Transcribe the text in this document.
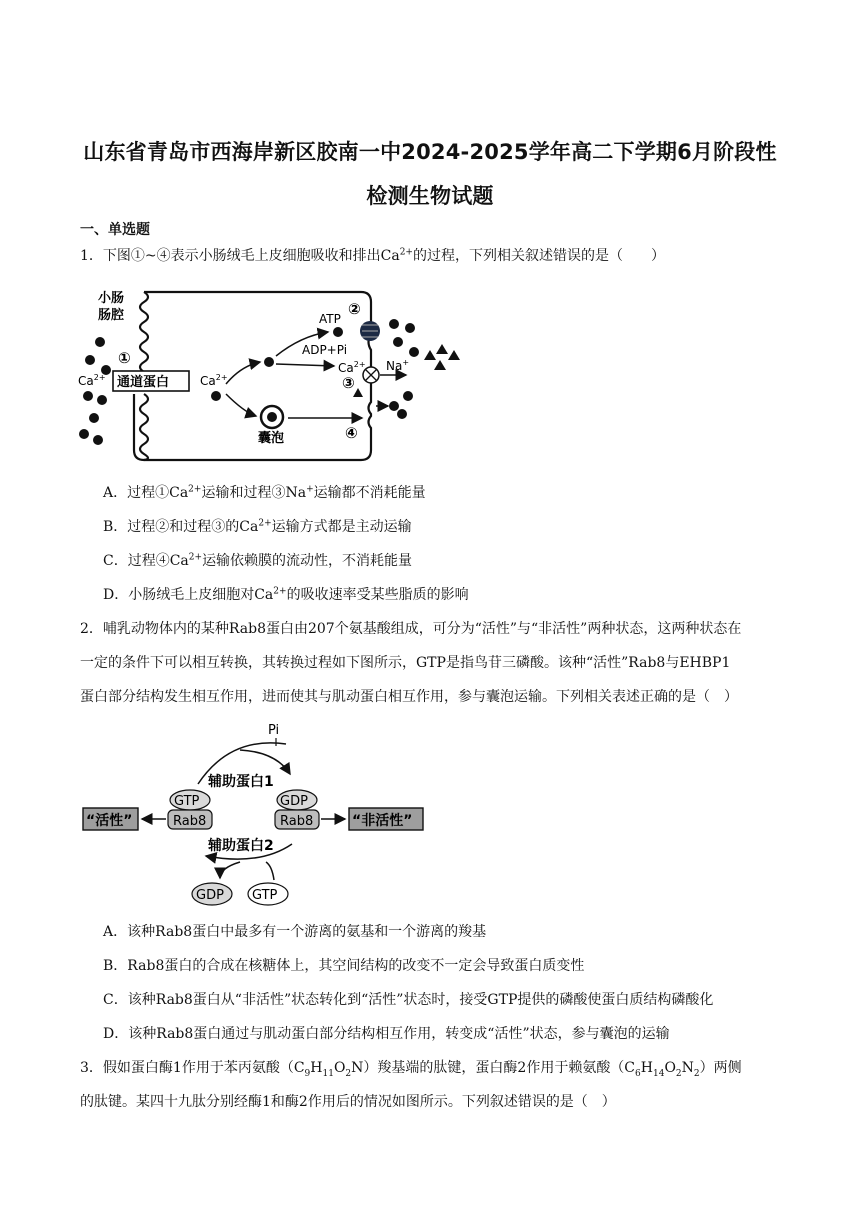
山东省青岛市西海岸新区胶南一中2024-2025学年高二下学期6月阶段性
检测生物试题
一、单选题
1．下图①~④表示小肠绒毛上皮细胞吸收和排出$Ca^{2+}$的过程，下列相关叙述错误的是（　　）
小肠
肠腔
①
$Ca^{2+}$ 通道蛋白	$Ca^{2+}$
ATP
ADP+Pi
$Ca^{2+}$
②
③
Na+
囊泡	④
A．过程$①Ca^{2+}$运输和过程③Na+运输都不消耗能量
B．过程②和过程③的$Ca^{2+}$运输方式都是主动运输
C．过程$④Ca^{2+}$运输依赖膜的流动性，不消耗能量
D．小肠绒毛上皮细胞对$Ca^{2+}$的吸收速率受某些脂质的影响
2．哺乳动物体内的某种Rab8蛋白由207个氨基酸组成，可分为“活性”与“非活性”两种状态，这两种状态在
一定的条件下可以相互转换，其转换过程如下图所示，GTP是指鸟苷三磷酸。该种“活性”Rab8与EHBP1
蛋白部分结构发生相互作用，进而使其与肌动蛋白相互作用，参与囊泡运输。下列相关表述正确的是（　）
Pi
辅助蛋白1
GTP
Rab8
GDP
Rab8
“活性”	“非活性”
辅助蛋白2
GDP GTP
A．该种Rab8蛋白中最多有一个游离的氨基和一个游离的羧基
B．Rab8蛋白的合成在核糖体上，其空间结构的改变不一定会导致蛋白质变性
C．该种Rab8蛋白从“非活性”状态转化到“活性”状态时，接受GTP提供的磷酸使蛋白质结构磷酸化
D．该种Rab8蛋白通过与肌动蛋白部分结构相互作用，转变成“活性”状态，参与囊泡的运输
3．假如蛋白酶1作用于苯丙氨酸$(C_9H_{11}O_2N)$羧基端的肽键，蛋白酶2作用于赖氨酸$(C_6H_{14}O_2N_2)$两侧
的肽键。某四十九肽分别经酶1和酶2作用后的情况如图所示。下列叙述错误的是（　）
